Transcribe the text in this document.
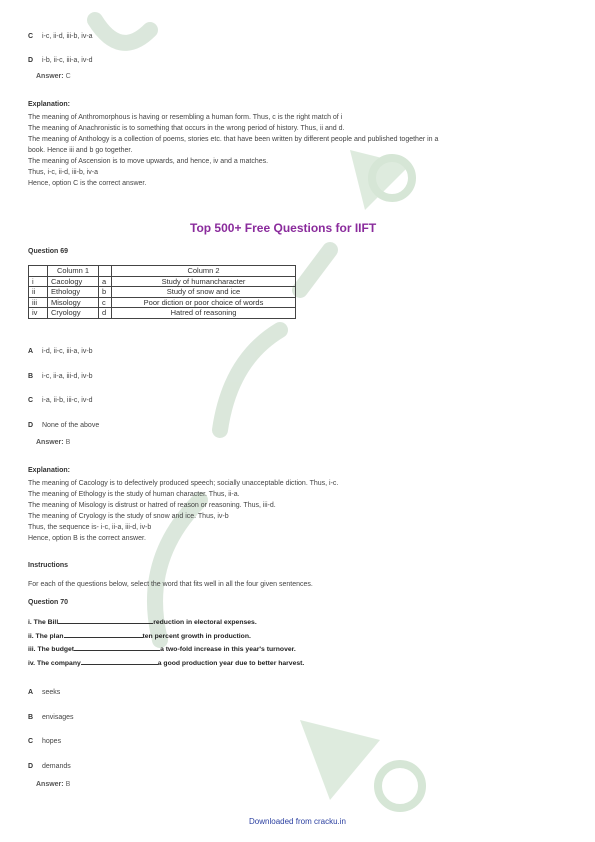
C i-c, ii-d, iii-b, iv-a
D i-b, ii-c, iii-a, iv-d
Answer: C
Explanation:
The meaning of Anthromorphous is having or resembling a human form. Thus, c is the right match of i
The meaning of Anachronistic is to something that occurs in the wrong period of history. Thus, ii and d.
The meaning of Anthology is a collection of poems, stories etc. that have been written by different people and published together in a
book. Hence iii and b go together.
The meaning of Ascension is to move upwards, and hence, iv and a matches.
Thus, i-c, ii-d, iii-b, iv-a
Hence, option C is the correct answer.
Top 500+ Free Questions for IIFT
Question 69
	Column 1		Column 2
i	Cacology	a	Study of humancharacter
ii	Ethology	b	Study of snow and ice
iii	Misology	c	Poor diction or poor choice of words
iv	Cryology	d	Hatred of reasoning
A i-d, ii-c, iii-a, iv-b
B i-c, ii-a, iii-d, iv-b
C i-a, ii-b, iii-c, iv-d
D None of the above
Answer: B
Explanation:
The meaning of Cacology is to defectively produced speech; socially unacceptable diction. Thus, i-c.
The meaning of Ethology is the study of human character. Thus, ii-a.
The meaning of Misology is distrust or hatred of reason or reasoning. Thus, iii-d.
The meaning of Cryology is the study of snow and ice. Thus, iv-b
Thus, the sequence is- i-c, ii-a, iii-d, iv-b
Hence, option B is the correct answer.
Instructions
For each of the questions below, select the word that fits well in all the four given sentences.
Question 70
i. The Bill	reduction in electoral expenses.
ii. The plan	ten percent growth in production.
iii. The budget	a two-fold increase in this year's turnover.
iv. The company	a good production year due to better harvest.
A seeks
B envisages
C hopes
D demands
Answer: B
Downloaded from cracku.in
